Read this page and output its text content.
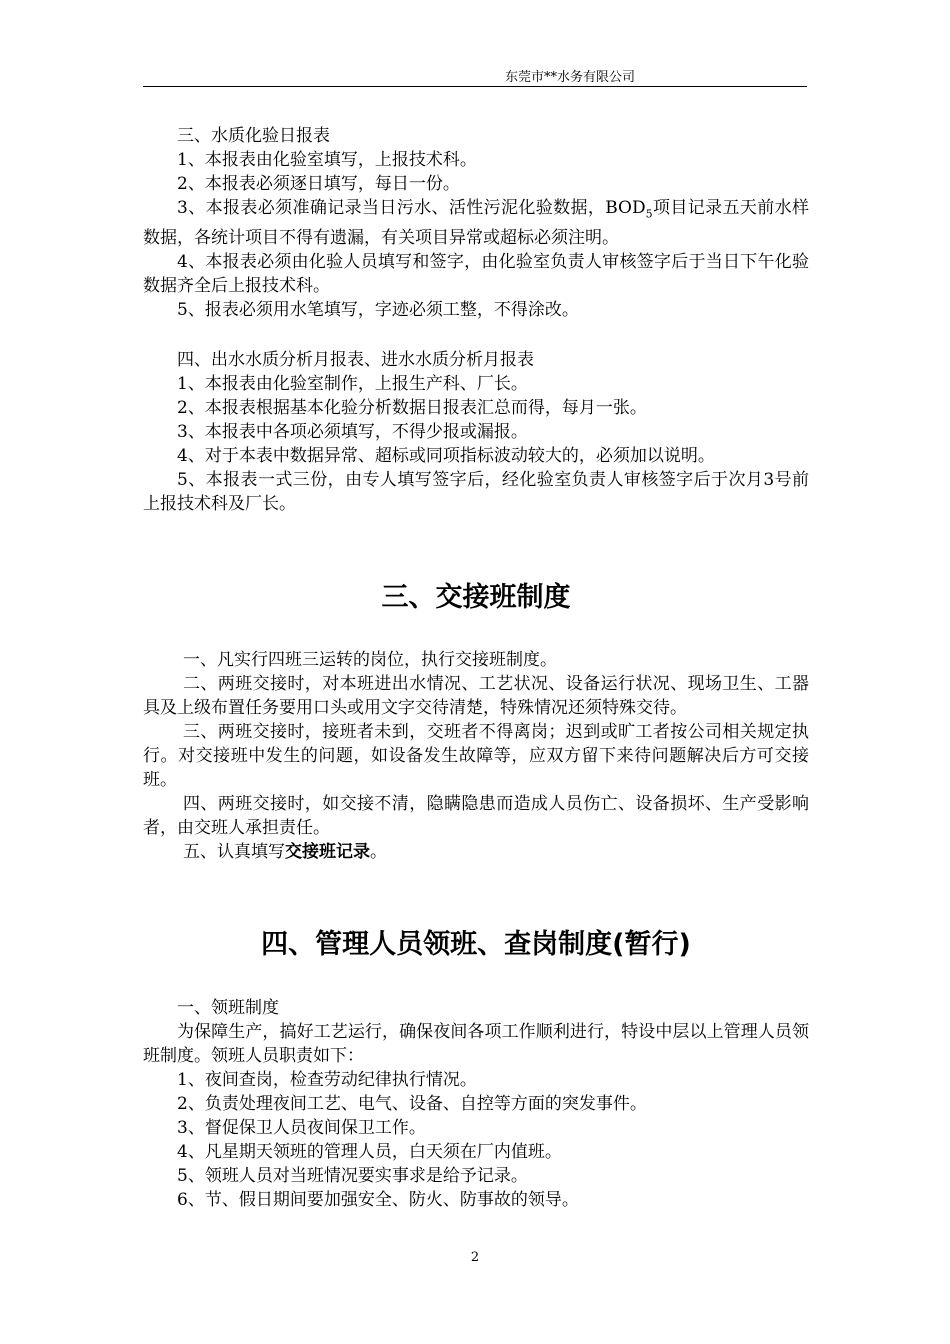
东莞市**水务有限公司

三、水质化验日报表

1、本报表由化验室填写，上报技术科。

2、本报表必须逐日填写，每日一份。

3、本报表必须准确记录当日污水、活性污泥化验数据，$BOD_5$项目记录五天前水样数据，各统计项目不得有遗漏，有关项目异常或超标必须注明。

4、本报表必须由化验人员填写和签字，由化验室负责人审核签字后于当日下午化验数据齐全后上报技术科。

5、报表必须用水笔填写，字迹必须工整，不得涂改。

四、出水水质分析月报表、进水水质分析月报表

1、本报表由化验室制作，上报生产科、厂长。

2、本报表根据基本化验分析数据日报表汇总而得，每月一张。

3、本报表中各项必须填写，不得少报或漏报。

4、对于本表中数据异常、超标或同项指标波动较大的，必须加以说明。

5、本报表一式三份，由专人填写签字后，经化验室负责人审核签字后于次月3号前上报技术科及厂长。

三、交接班制度

一、凡实行四班三运转的岗位，执行交接班制度。

二、两班交接时，对本班进出水情况、工艺状况、设备运行状况、现场卫生、工器具及上级布置任务要用口头或用文字交待清楚，特殊情况还须特殊交待。

三、两班交接时，接班者未到，交班者不得离岗；迟到或旷工者按公司相关规定执行。对交接班中发生的问题，如设备发生故障等，应双方留下来待问题解决后方可交接班。

四、两班交接时，如交接不清，隐瞒隐患而造成人员伤亡、设备损坏、生产受影响者，由交班人承担责任。

五、认真填写交接班记录。

四、管理人员领班、查岗制度(暂行)

一、领班制度

为保障生产，搞好工艺运行，确保夜间各项工作顺利进行，特设中层以上管理人员领班制度。领班人员职责如下：

1、夜间查岗，检查劳动纪律执行情况。

2、负责处理夜间工艺、电气、设备、自控等方面的突发事件。

3、督促保卫人员夜间保卫工作。

4、凡星期天领班的管理人员，白天须在厂内值班。

5、领班人员对当班情况要实事求是给予记录。

6、节、假日期间要加强安全、防火、防事故的领导。

2
